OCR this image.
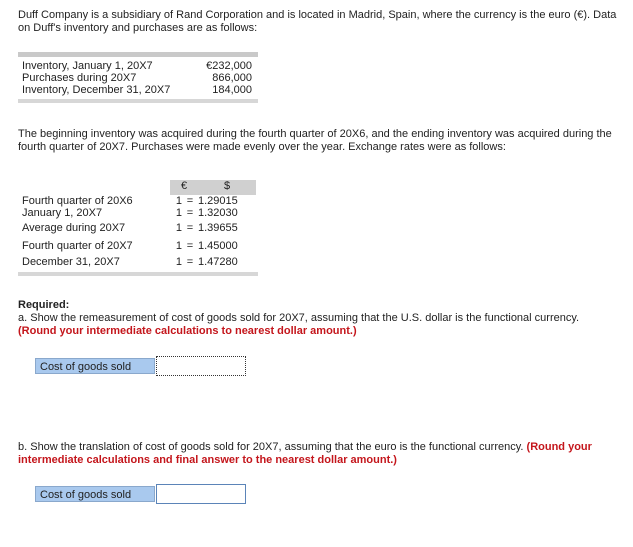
Duff Company is a subsidiary of Rand Corporation and is located in Madrid, Spain, where the currency is the euro (€). Data on Duff's inventory and purchases are as follows:

Inventory, January 1, 20X7	€232,000
Purchases during 20X7	866,000
Inventory, December 31, 20X7	184,000

The beginning inventory was acquired during the fourth quarter of 20X6, and the ending inventory was acquired during the fourth quarter of 20X7. Purchases were made evenly over the year. Exchange rates were as follows:

	€		$

Fourth quarter of 20X6	1	=	1.29015
January 1, 20X7	1	=	1.32030

Average during 20X7	1	=	1.39655

Fourth quarter of 20X7	1	=	1.45000

December 31, 20X7	1	=	1.47280

Required:

a. Show the remeasurement of cost of goods sold for 20X7, assuming that the U.S. dollar is the functional currency. (Round your intermediate calculations to nearest dollar amount.)

Cost of goods sold

b. Show the translation of cost of goods sold for 20X7, assuming that the euro is the functional currency. (Round your intermediate calculations and final answer to the nearest dollar amount.)

Cost of goods sold
